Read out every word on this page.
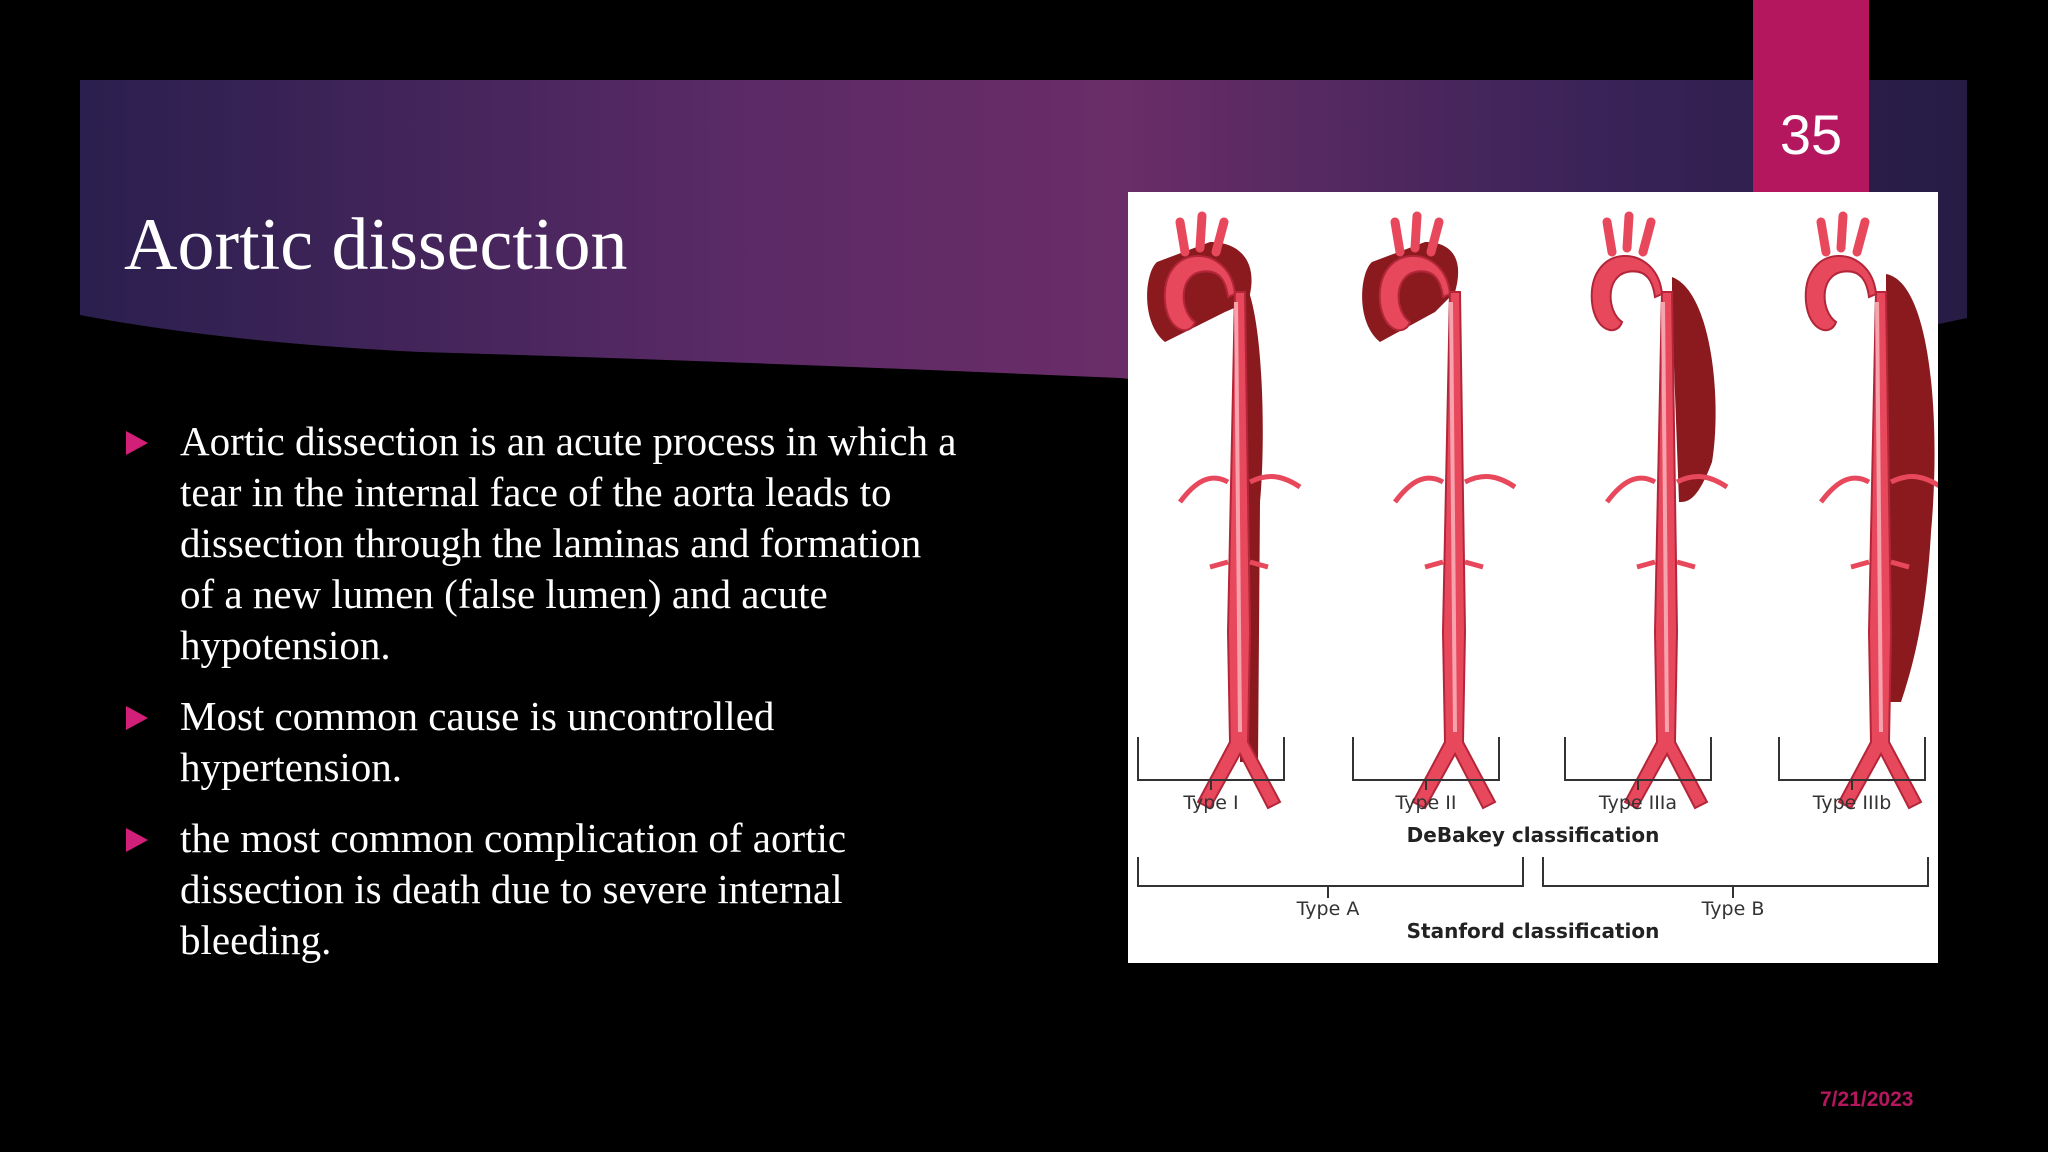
35
Aortic dissection
Aortic dissection is an acute process in which a tear in the internal face of the aorta leads to dissection through the laminas and formation of a new lumen (false lumen) and acute hypotension.
Most common cause is uncontrolled hypertension.
the most common complication of aortic dissection is death due to severe internal bleeding.
Type I	Type II	Type IIIa	Type IIIb
DeBakey classification
Type A	Type B
Stanford classification
7/21/2023
